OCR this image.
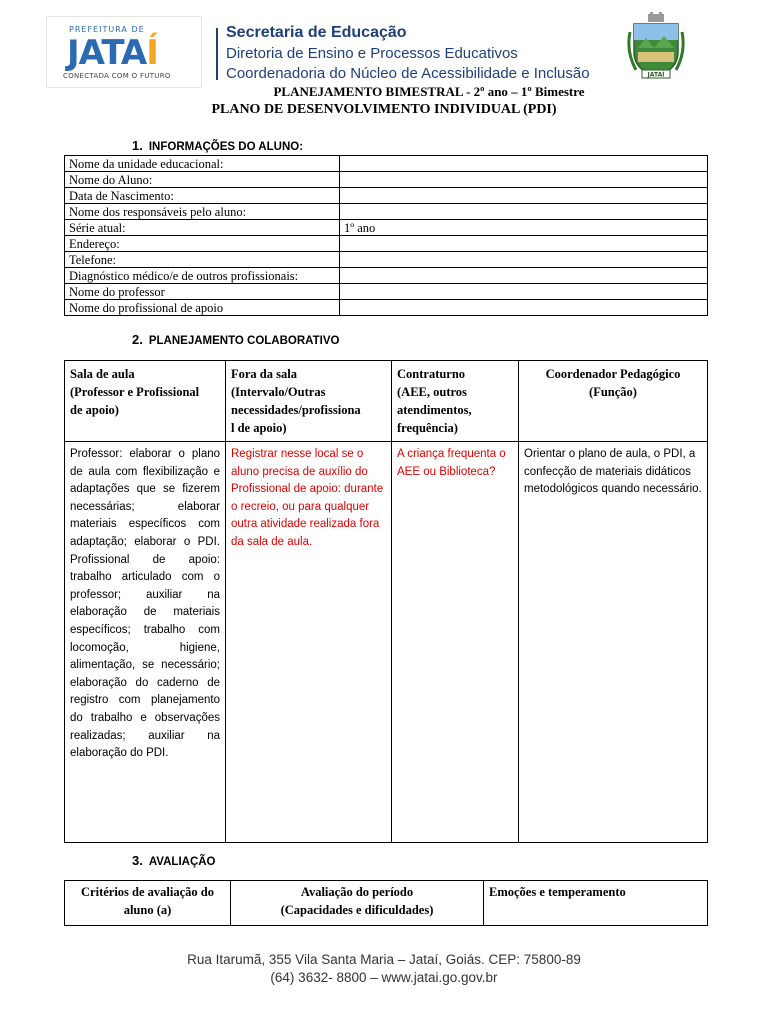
PREFEITURA DE
JATAÍ
CONECTADA COM O FUTURO
Secretaria de Educação
Diretoria de Ensino e Processos Educativos
Coordenadoria do Núcleo de Acessibilidade e Inclusão	JATAÍ
PLANEJAMENTO BIMESTRAL - 2º ano – 1º Bimestre
PLANO DE DESENVOLVIMENTO INDIVIDUAL (PDI)
1. INFORMAÇÕES DO ALUNO:
Nome da unidade educacional:	
Nome do Aluno:	
Data de Nascimento:	
Nome dos responsáveis pelo aluno:	
Série atual:	1º ano
Endereço:	
Telefone:	
Diagnóstico médico/e de outros profissionais:	
Nome do professor	
Nome do profissional de apoio	
2. PLANEJAMENTO COLABORATIVO
Sala de aula
(Professor e Profissional
de apoio)	Fora da sala
(Intervalo/Outras
necessidades/profissiona
l de apoio)	Contraturno
(AEE, outros
atendimentos,
frequência)	Coordenador Pedagógico
(Função)
Professor: elaborar o plano de aula com flexibilização e adaptações que se fizerem necessárias; elaborar materiais específicos com adaptação; elaborar o PDI. Profissional de apoio: trabalho articulado com o professor; auxiliar na elaboração de materiais específicos; trabalho com locomoção, higiene, alimentação, se necessário; elaboração do caderno de registro com planejamento do trabalho e observações realizadas; auxiliar na elaboração do PDI.	Registrar nesse local se o aluno precisa de auxílio do Profissional de apoio: durante o recreio, ou para qualquer outra atividade realizada fora da sala de aula.	A criança frequenta o AEE ou Biblioteca?	Orientar o plano de aula, o PDI, a confecção de materiais didáticos metodológicos quando necessário.
3. AVALIAÇÃO
Critérios de avaliação do
aluno (a)	Avaliação do período
(Capacidades e dificuldades)	Emoções e temperamento
Rua Itarumã, 355 Vila Santa Maria – Jataí, Goiás. CEP: 75800-89
(64) 3632- 8800 – www.jatai.go.gov.br
